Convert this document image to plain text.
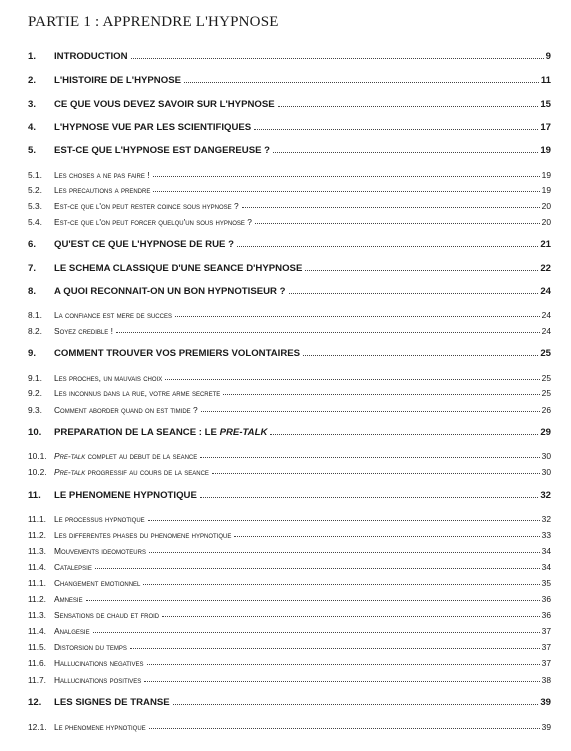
PARTIE 1 : APPRENDRE L'HYPNOSE
1.	INTRODUCTION	9
2.	L'HISTOIRE DE L'HYPNOSE	11
3.	CE QUE VOUS DEVEZ SAVOIR SUR L'HYPNOSE	15
4.	L'HYPNOSE VUE PAR LES SCIENTIFIQUES	17
5.	EST-CE QUE L'HYPNOSE EST DANGEREUSE ?	19
5.1.	Les choses a ne pas faire !	19
5.2.	Les precautions a prendre	19
5.3.	Est-ce que l'on peut rester coince sous hypnose ?	20
5.4.	Est-ce que l'on peut forcer quelqu'un sous hypnose ?	20
6.	QU'EST CE QUE L'HYPNOSE DE RUE ?	21
7.	LE SCHEMA CLASSIQUE D'UNE SEANCE D'HYPNOSE	22
8.	A QUOI RECONNAIT-ON UN BON HYPNOTISEUR ?	24
8.1.	La confiance est mere de succes	24
8.2.	Soyez credible !	24
9.	COMMENT TROUVER VOS PREMIERS VOLONTAIRES	25
9.1.	Les proches, un mauvais choix	25
9.2.	Les inconnus dans la rue, votre arme secrete	25
9.3.	Comment aborder quand on est timide ?	26
10.	PREPARATION DE LA SEANCE : LE PRE-TALK	29
10.1. Pre-talk complet au debut de la seance	30
10.2. Pre-talk progressif au cours de la seance	30
11.	LE PHENOMENE HYPNOTIQUE	32
11.1. Le processus hypnotique	32
11.2. Les differentes phases du phenomene hypnotique	33
11.3. Mouvements ideomoteurs	34
11.4. Catalepsie	34
11.1. Changement emotionnel	35
11.2. Amnesie	36
11.3. Sensations de chaud et froid	36
11.4. Analgesie	37
11.5. Distorsion du temps	37
11.6. Hallucinations negatives	37
11.7. Hallucinations positives	38
12.	LES SIGNES DE TRANSE	39
12.1. Le phenomene hypnotique	39
